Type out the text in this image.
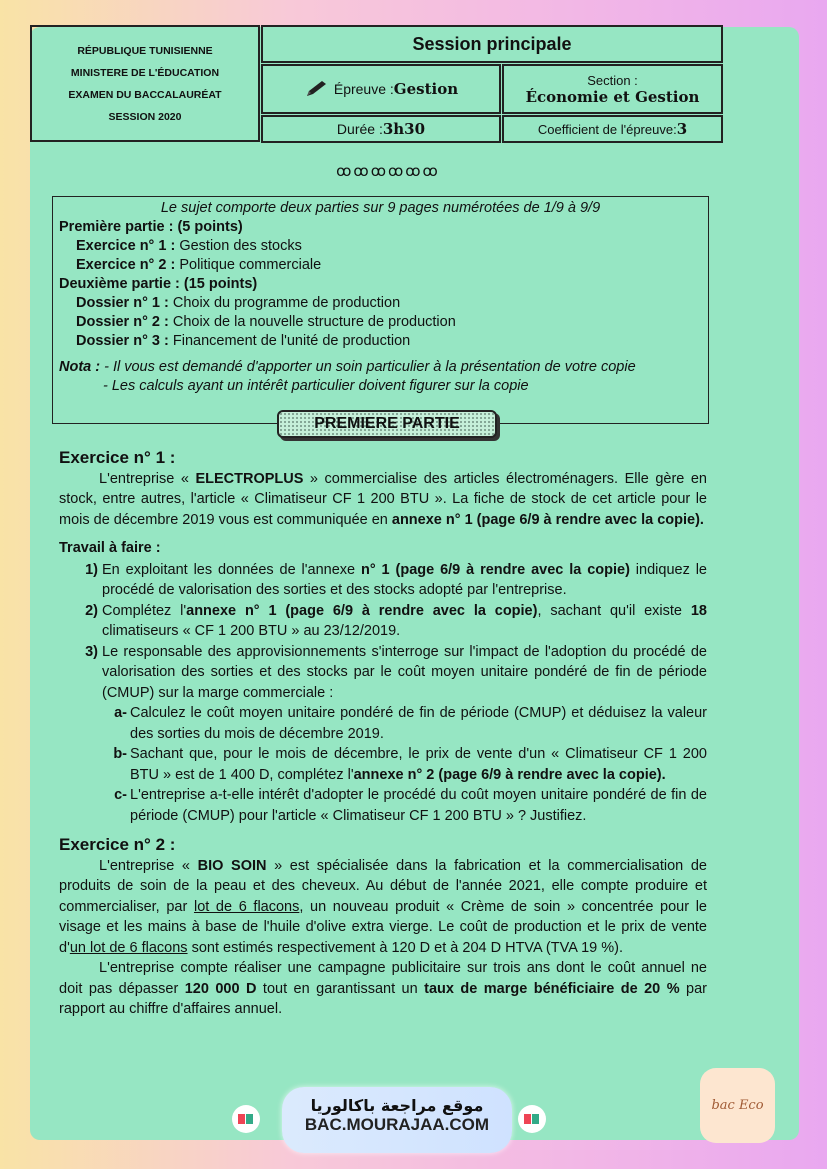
RÉPUBLIQUE TUNISIENNE
MINISTERE DE L'ÉDUCATION
EXAMEN DU BACCALAURÉAT
SESSION 2020
Session principale
Épreuve : Gestion	Section :
Économie et Gestion
Durée : 3h30	Coefficient de l'épreuve: 3
ꝏꝏꝏꝏꝏꝏ
Le sujet comporte deux parties sur 9 pages numérotées de 1/9 à 9/9
Première partie : (5 points)
Exercice n° 1 : Gestion des stocks
Exercice n° 2 : Politique commerciale
Deuxième partie : (15 points)
Dossier n° 1 : Choix du programme de production
Dossier n° 2 : Choix de la nouvelle structure de production
Dossier n° 3 : Financement de l'unité de production
Nota : - Il vous est demandé d'apporter un soin particulier à la présentation de votre copie
- Les calculs ayant un intérêt particulier doivent figurer sur la copie
PREMIERE PARTIE
Exercice n° 1 :

L'entreprise « ELECTROPLUS » commercialise des articles électroménagers. Elle gère en stock, entre autres, l'article « Climatiseur CF 1 200 BTU ». La fiche de stock de cet article pour le mois de décembre 2019 vous est communiquée en annexe n° 1 (page 6/9 à rendre avec la copie).

Travail à faire :
1) En exploitant les données de l'annexe n° 1 (page 6/9 à rendre avec la copie) indiquez le procédé de valorisation des sorties et des stocks adopté par l'entreprise.
2) Complétez l'annexe n° 1 (page 6/9 à rendre avec la copie), sachant qu'il existe 18 climatiseurs « CF 1 200 BTU » au 23/12/2019.
3) Le responsable des approvisionnements s'interroge sur l'impact de l'adoption du procédé de valorisation des sorties et des stocks par le coût moyen unitaire pondéré de fin de période (CMUP) sur la marge commerciale :
a- Calculez le coût moyen unitaire pondéré de fin de période (CMUP) et déduisez la valeur des sorties du mois de décembre 2019.
b- Sachant que, pour le mois de décembre, le prix de vente d'un « Climatiseur CF 1 200 BTU » est de 1 400 D, complétez l'annexe n° 2 (page 6/9 à rendre avec la copie).
c- L'entreprise a-t-elle intérêt d'adopter le procédé du coût moyen unitaire pondéré de fin de période (CMUP) pour l'article « Climatiseur CF 1 200 BTU » ? Justifiez.
Exercice n° 2 :

L'entreprise « BIO SOIN » est spécialisée dans la fabrication et la commercialisation de produits de soin de la peau et des cheveux. Au début de l'année 2021, elle compte produire et commercialiser, par lot de 6 flacons, un nouveau produit « Crème de soin » concentrée pour le visage et les mains à base de l'huile d'olive extra vierge. Le coût de production et le prix de vente d'un lot de 6 flacons sont estimés respectivement à 120 D et à 204 D HTVA (TVA 19 %).

L'entreprise compte réaliser une campagne publicitaire sur trois ans dont le coût annuel ne doit pas dépasser 120 000 D tout en garantissant un taux de marge bénéficiaire de 20 % par rapport au chiffre d'affaires annuel.

موقع مراجعة باكالوريا
BAC.MOURAJAA.COM
bac Eco
